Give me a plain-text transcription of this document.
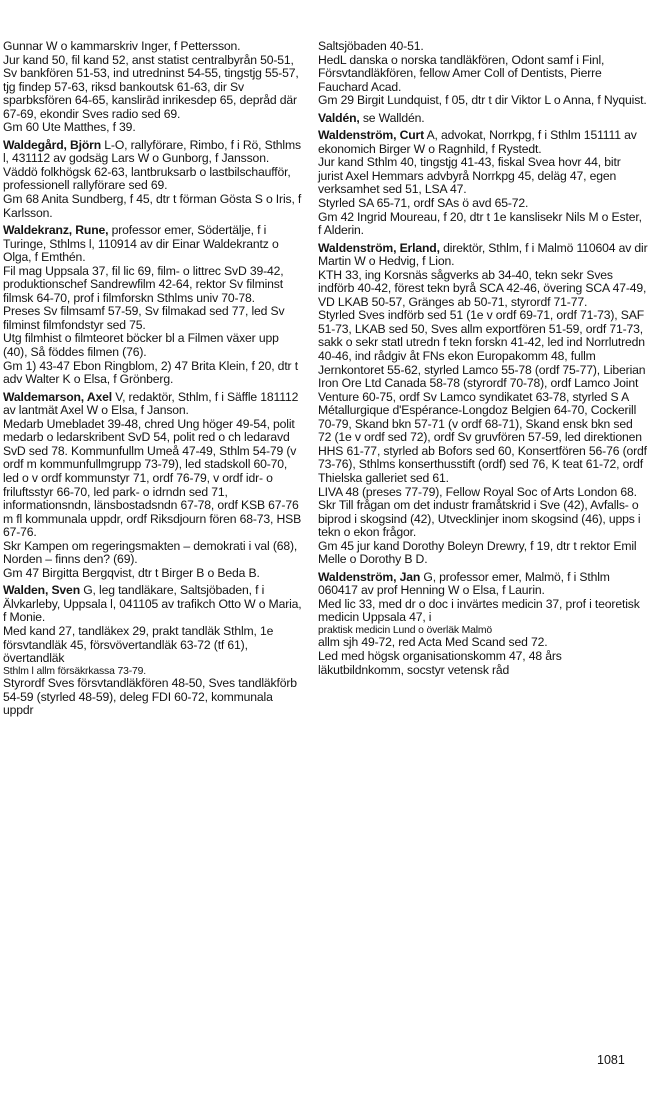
Gunnar W o kammarskriv Inger, f Pettersson.

Jur kand 50, fil kand 52, anst statist centralbyrån 50-51, Sv bankfören 51-53, ind utredninst 54-55, tingstjg 55-57, tjg findep 57-63, riksd bankoutsk 61-63, dir Sv sparbksfören 64-65, kanslirād inrikesdep 65, depråd där 67-69, ekondir Sves radio sed 69.

Gm 60 Ute Matthes, f 39.

Waldegård, Björn L-O, rallyförare, Rimbo, f i Rö, Sthlms l, 431112 av godsäg Lars W o Gunborg, f Jansson.

Väddö folkhögsk 62-63, lantbruksarb o lastbilschaufför, professionell rallyförare sed 69.

Gm 68 Anita Sundberg, f 45, dtr t förman Gösta S o Iris, f Karlsson.

Waldekranz, Rune, professor emer, Södertälje, f i Turinge, Sthlms l, 110914 av dir Einar Waldekrantz o Olga, f Emthén.

Fil mag Uppsala 37, fil lic 69, film- o littrec SvD 39-42, produktionschef Sandrewfilm 42-64, rektor Sv filminst filmsk 64-70, prof i filmforskn Sthlms univ 70-78.

Preses Sv filmsamf 57-59, Sv filmakad sed 77, led Sv filminst filmfondstyr sed 75.

Utg filmhist o filmteoret böcker bl a Filmen växer upp (40), Så föddes filmen (76).

Gm 1) 43-47 Ebon Ringblom, 2) 47 Brita Klein, f 20, dtr t adv Walter K o Elsa, f Grönberg.

Waldemarson, Axel V, redaktör, Sthlm, f i Säffle 181112 av lantmät Axel W o Elsa, f Janson.

Medarb Umebladet 39-48, chred Ung höger 49-54, polit medarb o ledarskribent SvD 54, polit red o ch ledaravd SvD sed 78. Kommunfullm Umeå 47-49, Sthlm 54-79 (v ordf m kommunfullmgrupp 73-79), led stadskoll 60-70, led o v ordf kommunstyr 71, ordf 76-79, v ordf idr- o friluftsstyr 66-70, led park- o idrndn sed 71, informationsndn, länsbostadsndn 67-78, ordf KSB 67-76 m fl kommunala uppdr, ordf Riksdjourn fören 68-73, HSB 67-76.

Skr Kampen om regeringsmakten – demokrati i val (68), Norden – finns den? (69).

Gm 47 Birgitta Bergqvist, dtr t Birger B o Beda B.

Walden, Sven G, leg tandläkare, Saltsjöbaden, f i Älvkarleby, Uppsala l, 041105 av trafikch Otto W o Maria, f Monie.

Med kand 27, tandläkex 29, prakt tandläk Sthlm, 1e försvtandläk 45, försvövertandläk 63-72 (tf 61), övertandläk

Sthlm l allm försäkrkassa 73-79.

Styrordf Sves försvtandläkfören 48-50, Sves tandläkförb 54-59 (styrled 48-59), deleg FDI 60-72, kommunala uppdr

Saltsjöbaden 40-51.

HedL danska o norska tandläkfören, Odont samf i Finl, Försvtandläkfören, fellow Amer Coll of Dentists, Pierre Fauchard Acad.

Gm 29 Birgit Lundquist, f 05, dtr t dir Viktor L o Anna, f Nyquist.

Valdén, se Walldén.

Waldenström, Curt A, advokat, Norrkpg, f i Sthlm 151111 av ekonomich Birger W o Ragnhild, f Rystedt.

Jur kand Sthlm 40, tingstjg 41-43, fiskal Svea hovr 44, bitr jurist Axel Hemmars advbyrå Norrkpg 45, deläg 47, egen verksamhet sed 51, LSA 47.

Styrled SA 65-71, ordf SAs ö avd 65-72.

Gm 42 Ingrid Moureau, f 20, dtr t 1e kanslisekr Nils M o Ester, f Alderin.

Waldenström, Erland, direktör, Sthlm, f i Malmö 110604 av dir Martin W o Hedvig, f Lion.

KTH 33, ing Korsnäs sågverks ab 34-40, tekn sekr Sves indförb 40-42, förest tekn byrå SCA 42-46, övering SCA 47-49, VD LKAB 50-57, Gränges ab 50-71, styrordf 71-77.

Styrled Sves indförb sed 51 (1e v ordf 69-71, ordf 71-73), SAF 51-73, LKAB sed 50, Sves allm exportfören 51-59, ordf 71-73, sakk o sekr statl utredn f tekn forskn 41-42, led ind Norrlutredn 40-46, ind rådgiv åt FNs ekon Europakomm 48, fullm Jernkontoret 55-62, styrled Lamco 55-78 (ordf 75-77), Liberian Iron Ore Ltd Canada 58-78 (styrordf 70-78), ordf Lamco Joint Venture 60-75, ordf Sv Lamco syndikatet 63-78, styrled S A Métallurgique d'Espérance-Longdoz Belgien 64-70, Cockerill 70-79, Skand bkn 57-71 (v ordf 68-71), Skand ensk bkn sed 72 (1e v ordf sed 72), ordf Sv gruvfören 57-59, led direktionen HHS 61-77, styrled ab Bofors sed 60, Konsertfören 56-76 (ordf 73-76), Sthlms konserthusstift (ordf) sed 76, K teat 61-72, ordf Thielska galleriet sed 61.

LIVA 48 (preses 77-79), Fellow Royal Soc of Arts London 68.

Skr Till frågan om det industr framåtskrid i Sve (42), Avfalls- o biprod i skogsind (42), Utvecklinjer inom skogsind (46), upps i tekn o ekon frågor.

Gm 45 jur kand Dorothy Boleyn Drewry, f 19, dtr t rektor Emil Melle o Dorothy B D.

Waldenström, Jan G, professor emer, Malmö, f i Sthlm 060417 av prof Henning W o Elsa, f Laurin.

Med lic 33, med dr o doc i invärtes medicin 37, prof i teoretisk medicin Uppsala 47, i

praktisk medicin Lund o överläk Malmö

allm sjh 49-72, red Acta Med Scand sed 72.

Led med högsk organisationskomm 47, 48 års läkutbildnkomm, socstyr vetensk råd

1081
